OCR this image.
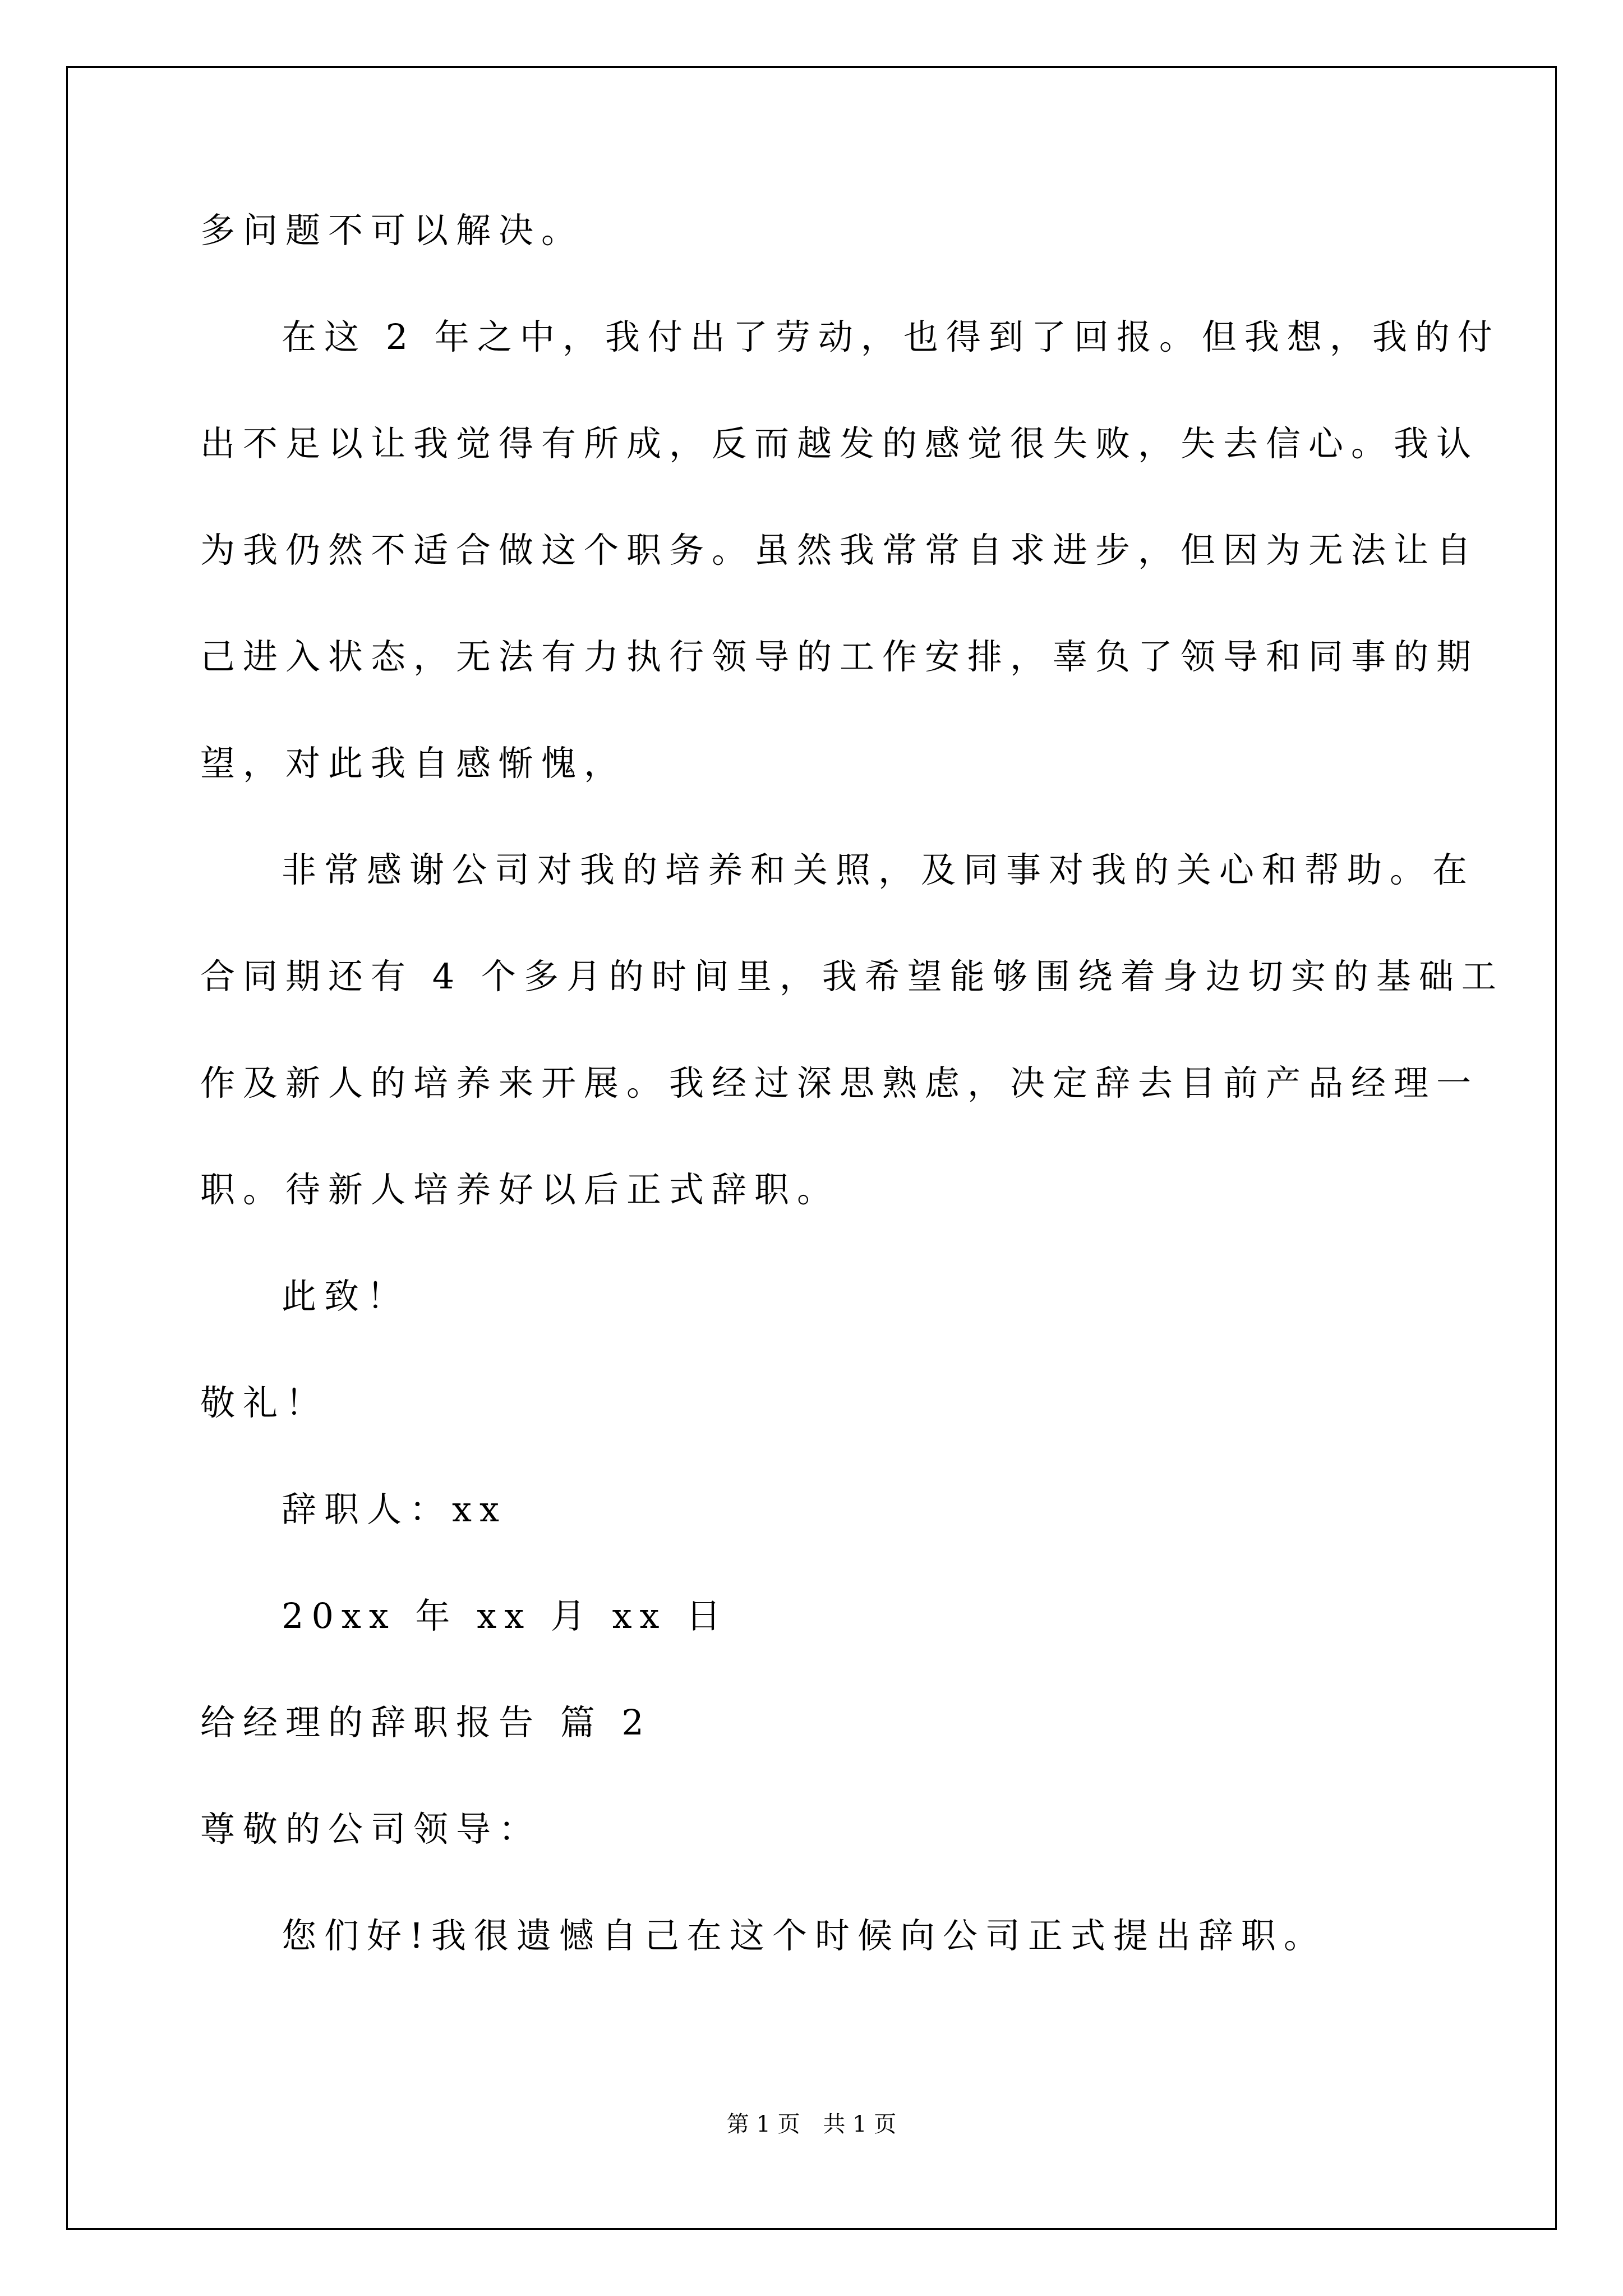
多问题不可以解决。
在这 2 年之中，我付出了劳动，也得到了回报。但我想，我的付
出不足以让我觉得有所成，反而越发的感觉很失败，失去信心。我认
为我仍然不适合做这个职务。虽然我常常自求进步，但因为无法让自
己进入状态，无法有力执行领导的工作安排，辜负了领导和同事的期
望，对此我自感惭愧，
非常感谢公司对我的培养和关照，及同事对我的关心和帮助。在
合同期还有 4 个多月的时间里，我希望能够围绕着身边切实的基础工
作及新人的培养来开展。我经过深思熟虑，决定辞去目前产品经理一
职。待新人培养好以后正式辞职。
此致！
敬礼！
辞职人：xx
20xx 年 xx 月 xx 日
给经理的辞职报告 篇 2
尊敬的公司领导：
您们好!我很遗憾自己在这个时候向公司正式提出辞职。
第 1 页 共 1 页
